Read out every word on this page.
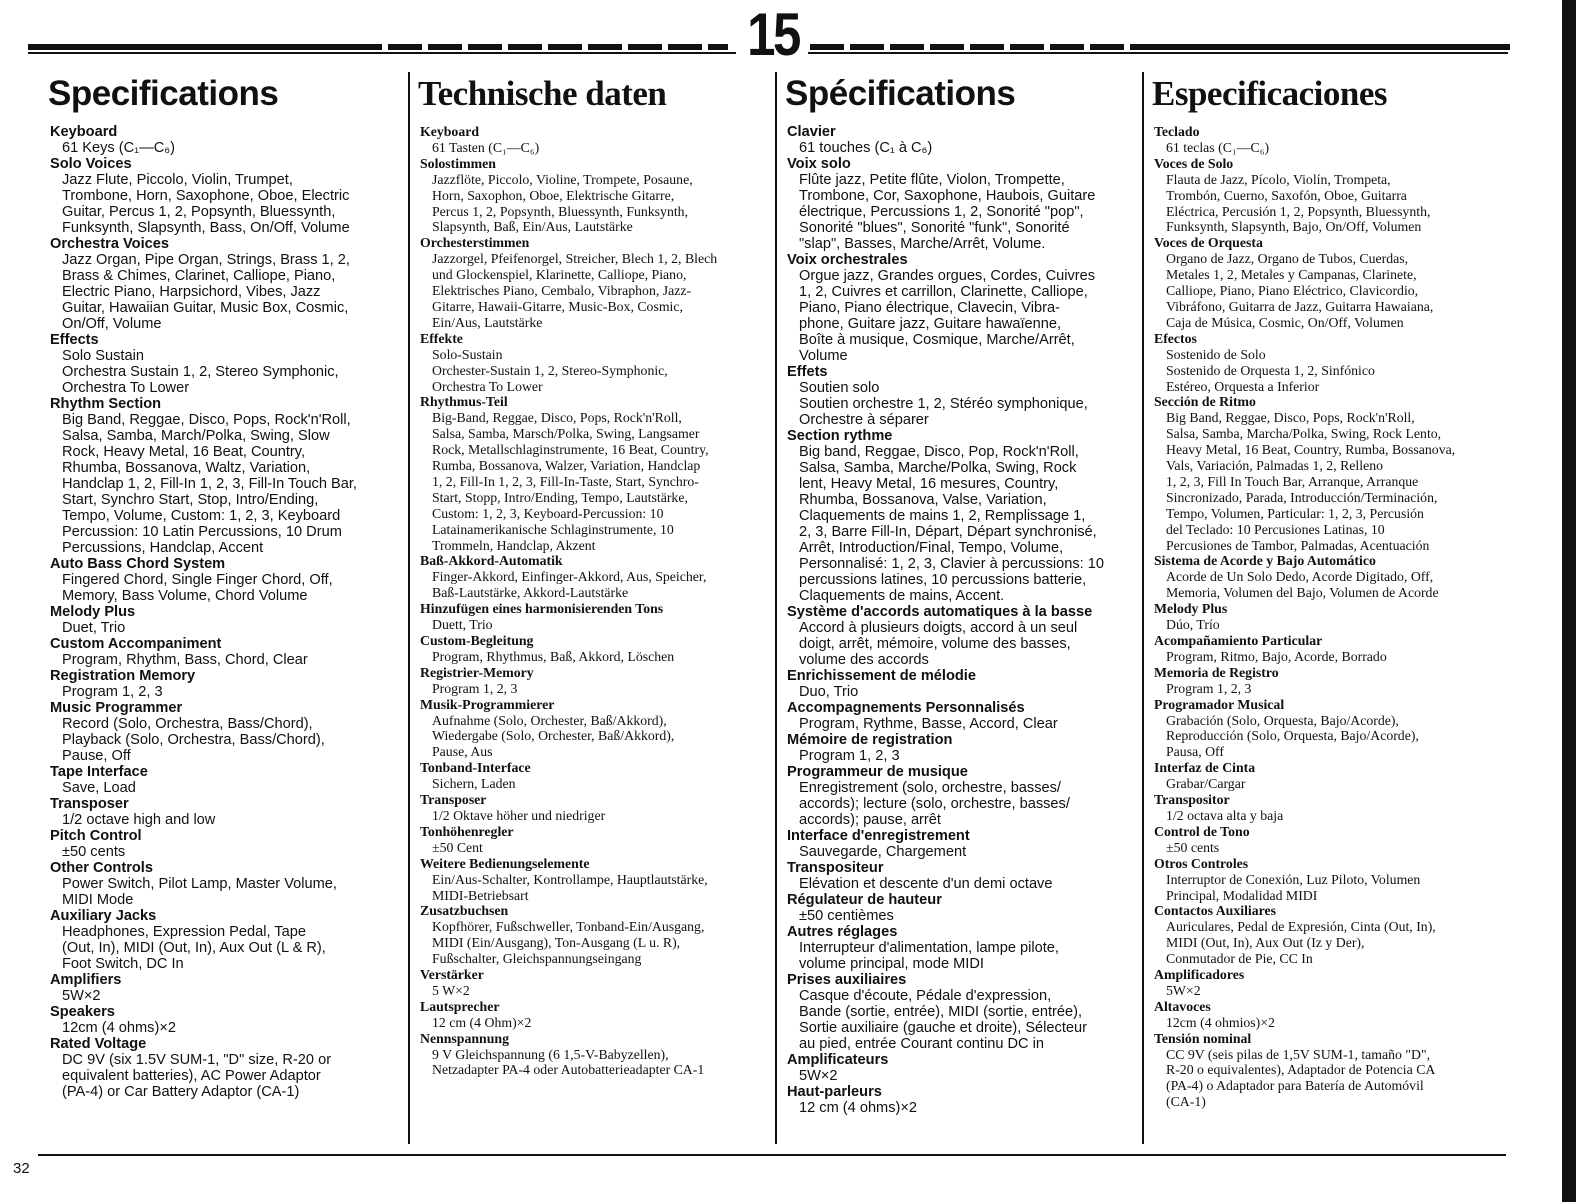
15
Specifications
Keyboard
61 Keys (C₁—C₆)
Solo Voices
Jazz Flute, Piccolo, Violin, Trumpet,
Trombone, Horn, Saxophone, Oboe, Electric
Guitar, Percus 1, 2, Popsynth, Bluessynth,
Funksynth, Slapsynth, Bass, On/Off, Volume
Orchestra Voices
Jazz Organ, Pipe Organ, Strings, Brass 1, 2,
Brass & Chimes, Clarinet, Calliope, Piano,
Electric Piano, Harpsichord, Vibes, Jazz
Guitar, Hawaiian Guitar, Music Box, Cosmic,
On/Off, Volume
Effects
Solo Sustain
Orchestra Sustain 1, 2, Stereo Symphonic,
Orchestra To Lower
Rhythm Section
Big Band, Reggae, Disco, Pops, Rock'n'Roll,
Salsa, Samba, March/Polka, Swing, Slow
Rock, Heavy Metal, 16 Beat, Country,
Rhumba, Bossanova, Waltz, Variation,
Handclap 1, 2, Fill-In 1, 2, 3, Fill-In Touch Bar,
Start, Synchro Start, Stop, Intro/Ending,
Tempo, Volume, Custom: 1, 2, 3, Keyboard
Percussion: 10 Latin Percussions, 10 Drum
Percussions, Handclap, Accent
Auto Bass Chord System
Fingered Chord, Single Finger Chord, Off,
Memory, Bass Volume, Chord Volume
Melody Plus
Duet, Trio
Custom Accompaniment
Program, Rhythm, Bass, Chord, Clear
Registration Memory
Program 1, 2, 3
Music Programmer
Record (Solo, Orchestra, Bass/Chord),
Playback (Solo, Orchestra, Bass/Chord),
Pause, Off
Tape Interface
Save, Load
Transposer
1/2 octave high and low
Pitch Control
±50 cents
Other Controls
Power Switch, Pilot Lamp, Master Volume,
MIDI Mode
Auxiliary Jacks
Headphones, Expression Pedal, Tape
(Out, In), MIDI (Out, In), Aux Out (L & R),
Foot Switch, DC In
Amplifiers
5W×2
Speakers
12cm (4 ohms)×2
Rated Voltage
DC 9V (six 1.5V SUM-1, "D" size, R-20 or
equivalent batteries), AC Power Adaptor
(PA-4) or Car Battery Adaptor (CA-1)
Technische daten
Keyboard
61 Tasten (C₁—C₆)
Solostimmen
Jazzflöte, Piccolo, Violine, Trompete, Posaune,
Horn, Saxophon, Oboe, Elektrische Gitarre,
Percus 1, 2, Popsynth, Bluessynth, Funksynth,
Slapsynth, Baß, Ein/Aus, Lautstärke
Orchesterstimmen
Jazzorgel, Pfeifenorgel, Streicher, Blech 1, 2, Blech
und Glockenspiel, Klarinette, Calliope, Piano,
Elektrisches Piano, Cembalo, Vibraphon, Jazz-
Gitarre, Hawaii-Gitarre, Music-Box, Cosmic,
Ein/Aus, Lautstärke
Effekte
Solo-Sustain
Orchester-Sustain 1, 2, Stereo-Symphonic,
Orchestra To Lower
Rhythmus-Teil
Big-Band, Reggae, Disco, Pops, Rock'n'Roll,
Salsa, Samba, Marsch/Polka, Swing, Langsamer
Rock, Metallschlaginstrumente, 16 Beat, Country,
Rumba, Bossanova, Walzer, Variation, Handclap
1, 2, Fill-In 1, 2, 3, Fill-In-Taste, Start, Synchro-
Start, Stopp, Intro/Ending, Tempo, Lautstärke,
Custom: 1, 2, 3, Keyboard-Percussion: 10
Latainamerikanische Schlaginstrumente, 10
Trommeln, Handclap, Akzent
Baß-Akkord-Automatik
Finger-Akkord, Einfinger-Akkord, Aus, Speicher,
Baß-Lautstärke, Akkord-Lautstärke
Hinzufügen eines harmonisierenden Tons
Duett, Trio
Custom-Begleitung
Program, Rhythmus, Baß, Akkord, Löschen
Registrier-Memory
Program 1, 2, 3
Musik-Programmierer
Aufnahme (Solo, Orchester, Baß/Akkord),
Wiedergabe (Solo, Orchester, Baß/Akkord),
Pause, Aus
Tonband-Interface
Sichern, Laden
Transposer
1/2 Oktave höher und niedriger
Tonhöhenregler
±50 Cent
Weitere Bedienungselemente
Ein/Aus-Schalter, Kontrollampe, Hauptlautstärke,
MIDI-Betriebsart
Zusatzbuchsen
Kopfhörer, Fußschweller, Tonband-Ein/Ausgang,
MIDI (Ein/Ausgang), Ton-Ausgang (L u. R),
Fußschalter, Gleichspannungseingang
Verstärker
5 W×2
Lautsprecher
12 cm (4 Ohm)×2
Nennspannung
9 V Gleichspannung (6 1,5-V-Babyzellen),
Netzadapter PA-4 oder Autobatterieadapter CA-1
Spécifications
Clavier
61 touches (C₁ à C₆)
Voix solo
Flûte jazz, Petite flûte, Violon, Trompette,
Trombone, Cor, Saxophone, Haubois, Guitare
électrique, Percussions 1, 2, Sonorité "pop",
Sonorité "blues", Sonorité "funk", Sonorité
"slap", Basses, Marche/Arrêt, Volume.
Voix orchestrales
Orgue jazz, Grandes orgues, Cordes, Cuivres
1, 2, Cuivres et carrillon, Clarinette, Calliope,
Piano, Piano électrique, Clavecin, Vibra-
phone, Guitare jazz, Guitare hawaïenne,
Boîte à musique, Cosmique, Marche/Arrêt,
Volume
Effets
Soutien solo
Soutien orchestre 1, 2, Stéréo symphonique,
Orchestre à séparer
Section rythme
Big band, Reggae, Disco, Pop, Rock'n'Roll,
Salsa, Samba, Marche/Polka, Swing, Rock
lent, Heavy Metal, 16 mesures, Country,
Rhumba, Bossanova, Valse, Variation,
Claquements de mains 1, 2, Remplissage 1,
2, 3, Barre Fill-In, Départ, Départ synchronisé,
Arrêt, Introduction/Final, Tempo, Volume,
Personnalisé: 1, 2, 3, Clavier à percussions: 10
percussions latines, 10 percussions batterie,
Claquements de mains, Accent.
Système d'accords automatiques à la basse
Accord à plusieurs doigts, accord à un seul
doigt, arrêt, mémoire, volume des basses,
volume des accords
Enrichissement de mélodie
Duo, Trio
Accompagnements Personnalisés
Program, Rythme, Basse, Accord, Clear
Mémoire de registration
Program 1, 2, 3
Programmeur de musique
Enregistrement (solo, orchestre, basses/
accords); lecture (solo, orchestre, basses/
accords); pause, arrêt
Interface d'enregistrement
Sauvegarde, Chargement
Transpositeur
Elévation et descente d'un demi octave
Régulateur de hauteur
±50 centièmes
Autres réglages
Interrupteur d'alimentation, lampe pilote,
volume principal, mode MIDI
Prises auxiliaires
Casque d'écoute, Pédale d'expression,
Bande (sortie, entrée), MIDI (sortie, entrée),
Sortie auxiliaire (gauche et droite), Sélecteur
au pied, entrée Courant continu DC in
Amplificateurs
5W×2
Haut-parleurs
12 cm (4 ohms)×2
Especificaciones
Teclado
61 teclas (C₁—C₆)
Voces de Solo
Flauta de Jazz, Pícolo, Violín, Trompeta,
Trombón, Cuerno, Saxofón, Oboe, Guitarra
Eléctrica, Percusión 1, 2, Popsynth, Bluessynth,
Funksynth, Slapsynth, Bajo, On/Off, Volumen
Voces de Orquesta
Organo de Jazz, Organo de Tubos, Cuerdas,
Metales 1, 2, Metales y Campanas, Clarinete,
Calliope, Piano, Piano Eléctrico, Clavicordio,
Vibráfono, Guitarra de Jazz, Guitarra Hawaiana,
Caja de Música, Cosmic, On/Off, Volumen
Efectos
Sostenido de Solo
Sostenido de Orquesta 1, 2, Sinfónico
Estéreo, Orquesta a Inferior
Sección de Ritmo
Big Band, Reggae, Disco, Pops, Rock'n'Roll,
Salsa, Samba, Marcha/Polka, Swing, Rock Lento,
Heavy Metal, 16 Beat, Country, Rumba, Bossanova,
Vals, Variación, Palmadas 1, 2, Relleno
1, 2, 3, Fill In Touch Bar, Arranque, Arranque
Sincronizado, Parada, Introducción/Terminación,
Tempo, Volumen, Particular: 1, 2, 3, Percusión
del Teclado: 10 Percusiones Latinas, 10
Percusiones de Tambor, Palmadas, Acentuación
Sistema de Acorde y Bajo Automático
Acorde de Un Solo Dedo, Acorde Digitado, Off,
Memoria, Volumen del Bajo, Volumen de Acorde
Melody Plus
Dúo, Trío
Acompañamiento Particular
Program, Ritmo, Bajo, Acorde, Borrado
Memoria de Registro
Program 1, 2, 3
Programador Musical
Grabación (Solo, Orquesta, Bajo/Acorde),
Reproducción (Solo, Orquesta, Bajo/Acorde),
Pausa, Off
Interfaz de Cinta
Grabar/Cargar
Transpositor
1/2 octava alta y baja
Control de Tono
±50 cents
Otros Controles
Interruptor de Conexión, Luz Piloto, Volumen
Principal, Modalidad MIDI
Contactos Auxiliares
Auriculares, Pedal de Expresión, Cinta (Out, In),
MIDI (Out, In), Aux Out (Iz y Der),
Conmutador de Pie, CC In
Amplificadores
5W×2
Altavoces
12cm (4 ohmios)×2
Tensión nominal
CC 9V (seis pilas de 1,5V SUM-1, tamaño "D",
R-20 o equivalentes), Adaptador de Potencia CA
(PA-4) o Adaptador para Batería de Automóvil
(CA-1)
32
